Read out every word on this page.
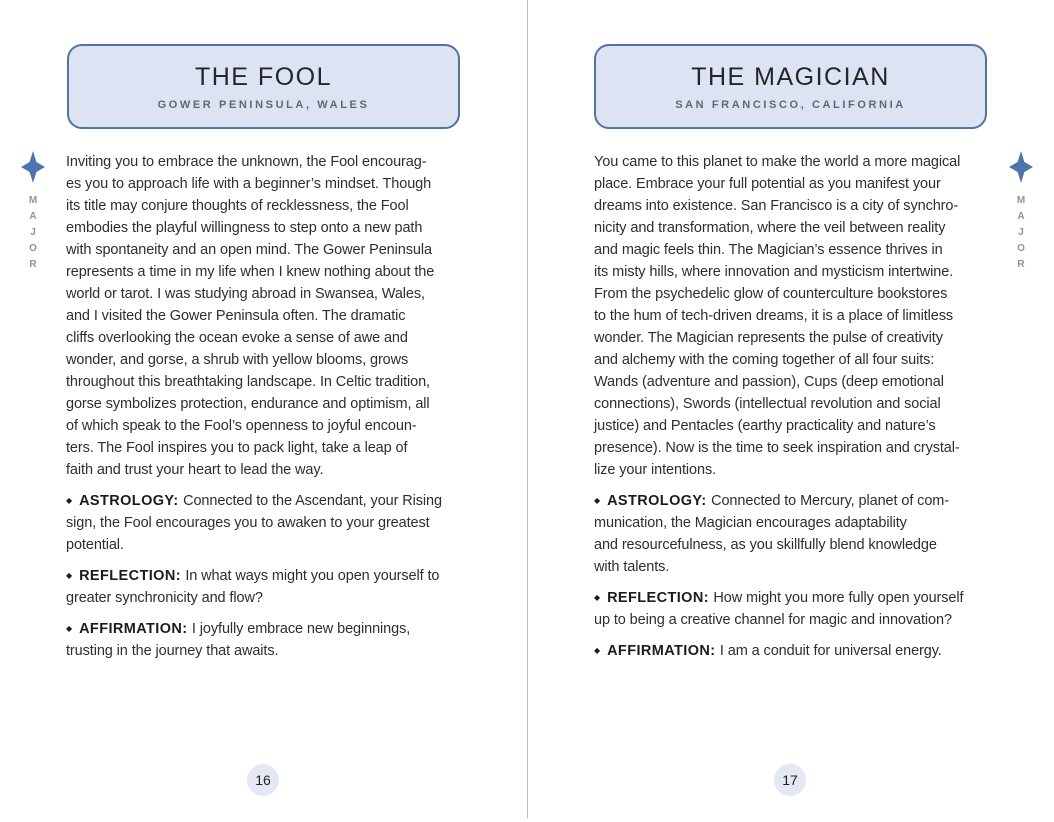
THE FOOL
GOWER PENINSULA, WALES
M
A
J
O
R
Inviting you to embrace the unknown, the Fool encourag-
es you to approach life with a beginner’s mindset. Though
its title may conjure thoughts of recklessness, the Fool
embodies the playful willingness to step onto a new path
with spontaneity and an open mind. The Gower Peninsula
represents a time in my life when I knew nothing about the
world or tarot. I was studying abroad in Swansea, Wales,
and I visited the Gower Peninsula often. The dramatic
cliffs overlooking the ocean evoke a sense of awe and
wonder, and gorse, a shrub with yellow blooms, grows
throughout this breathtaking landscape. In Celtic tradition,
gorse symbolizes protection, endurance and optimism, all
of which speak to the Fool’s openness to joyful encoun-
ters. The Fool inspires you to pack light, take a leap of
faith and trust your heart to lead the way.
◆ ASTROLOGY: Connected to the Ascendant, your Rising
sign, the Fool encourages you to awaken to your greatest
potential.
◆ REFLECTION: In what ways might you open yourself to
greater synchronicity and flow?
◆ AFFIRMATION: I joyfully embrace new beginnings,
trusting in the journey that awaits.
16
THE MAGICIAN
SAN FRANCISCO, CALIFORNIA
M
A
J
O
R
You came to this planet to make the world a more magical
place. Embrace your full potential as you manifest your
dreams into existence. San Francisco is a city of synchro-
nicity and transformation, where the veil between reality
and magic feels thin. The Magician’s essence thrives in
its misty hills, where innovation and mysticism intertwine.
From the psychedelic glow of counterculture bookstores
to the hum of tech-driven dreams, it is a place of limitless
wonder. The Magician represents the pulse of creativity
and alchemy with the coming together of all four suits:
Wands (adventure and passion), Cups (deep emotional
connections), Swords (intellectual revolution and social
justice) and Pentacles (earthy practicality and nature’s
presence). Now is the time to seek inspiration and crystal-
lize your intentions.
◆ ASTROLOGY: Connected to Mercury, planet of com-
munication, the Magician encourages adaptability
and resourcefulness, as you skillfully blend knowledge
with talents.
◆ REFLECTION: How might you more fully open yourself
up to being a creative channel for magic and innovation?
◆ AFFIRMATION: I am a conduit for universal energy.
17
